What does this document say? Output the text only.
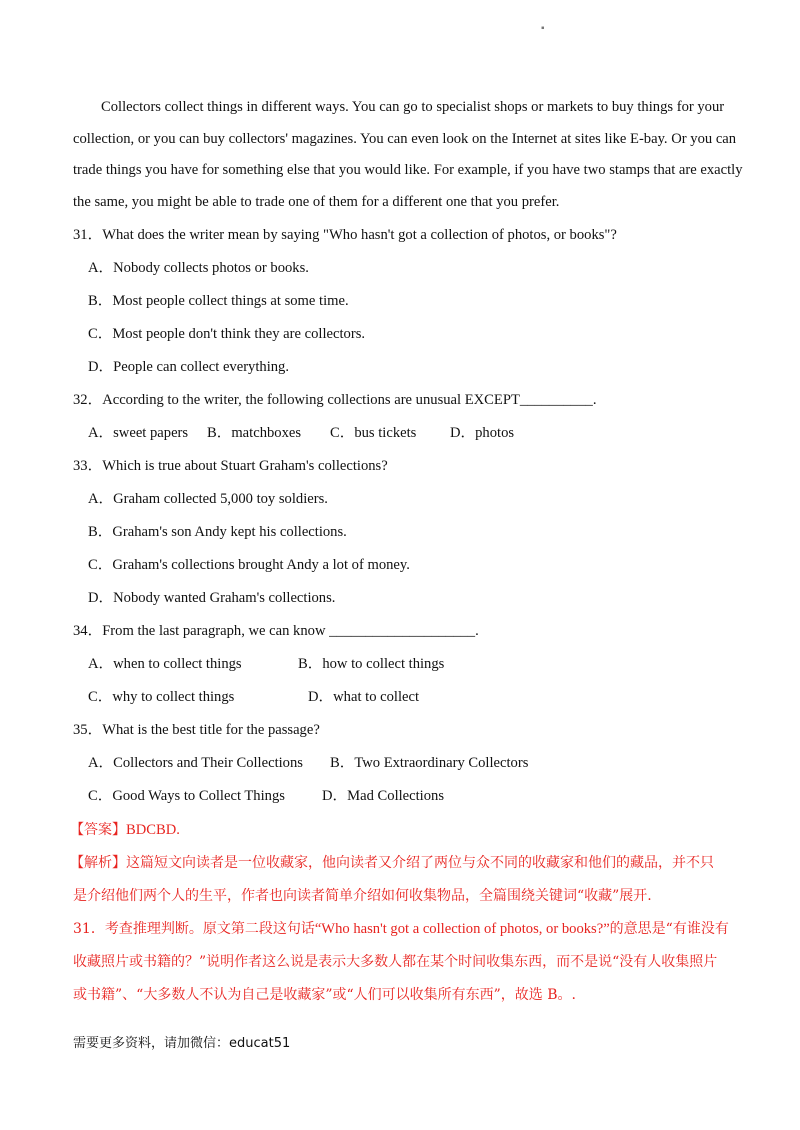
▪
Collectors collect things in different ways. You can go to specialist shops or markets to buy things for your
collection, or you can buy collectors' magazines. You can even look on the Internet at sites like E-bay. Or you can
trade things you have for something else that you would like. For example, if you have two stamps that are exactly
the same, you might be able to trade one of them for a different one that you prefer.
31．What does the writer mean by saying "Who hasn't got a collection of photos, or books"?
A．Nobody collects photos or books.
B．Most people collect things at some time.
C．Most people don't think they are collectors.
D．People can collect everything.
32．According to the writer, the following collections are unusual EXCEPT__________.
A．sweet papers B．matchboxes C．bus tickets D．photos
33．Which is true about Stuart Graham's collections?
A．Graham collected 5,000 toy soldiers.
B．Graham's son Andy kept his collections.
C．Graham's collections brought Andy a lot of money.
D．Nobody wanted Graham's collections.
34．From the last paragraph, we can know ____________________.
A．when to collect things	B．how to collect things
C．why to collect things	D．what to collect
35．What is the best title for the passage?
A．Collectors and Their Collections B．Two Extraordinary Collectors
C．Good Ways to Collect Things	D．Mad Collections
【答案】BDCBD.
【解析】这篇短文向读者是一位收藏家，他向读者又介绍了两位与众不同的收藏家和他们的藏品，并不只
是介绍他们两个人的生平，作者也向读者简单介绍如何收集物品，全篇围绕关键词“收藏”展开.
31．考查推理判断。原文第二段这句话“Who hasn't got a collection of photos, or books?”的意思是“有谁没有
收藏照片或书籍的？”说明作者这么说是表示大多数人都在某个时间收集东西，而不是说“没有人收集照片
或书籍”、“大多数人不认为自己是收藏家”或“人们可以收集所有东西”，故选 B。.
需要更多资料，请加微信：educat51
